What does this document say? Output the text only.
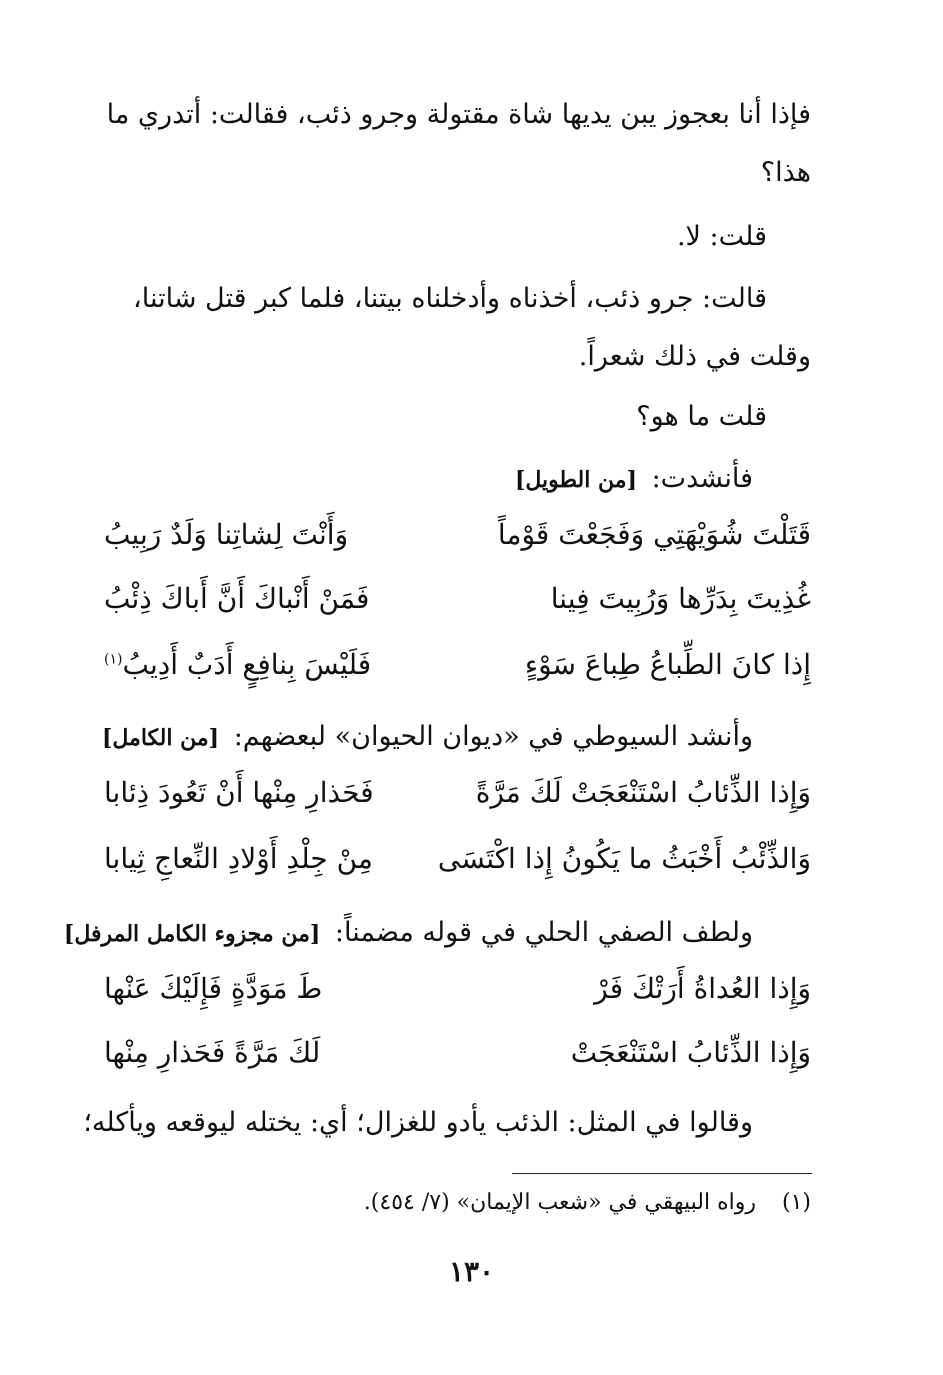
فإذا أنا بعجوز يبن يديها شاة مقتولة وجرو ذئب، فقالت: أتدري ما
هذا؟
قلت: لا.
قالت: جرو ذئب، أخذناه وأدخلناه بيتنا، فلما كبر قتل شاتنا،
وقلت في ذلك شعراً.
قلت ما هو؟
فأنشدت: [من الطويل]
قَتَلْتَ شُوَيْهَتِي وَفَجَعْتَ قَوْماً
وَأَنْتَ لِشاتِنا وَلَدٌ رَبِيبُ
غُذِيتَ بِدَرِّها وَرُبِيتَ فِينا
فَمَنْ أَنْباكَ أَنَّ أَباكَ ذِئْبُ
إِذا كانَ الطِّباعُ طِباعَ سَوْءٍ
فَلَيْسَ بِنافِعٍ أَدَبٌ أَدِيبُ$^{(١)}$
وأنشد السيوطي في «ديوان الحيوان» لبعضهم: [من الكامل]
وَإِذا الذِّئابُ اسْتَنْعَجَتْ لَكَ مَرَّةً
فَحَذارِ مِنْها أَنْ تَعُودَ ذِئابا
وَالذِّئْبُ أَخْبَثُ ما يَكُونُ إِذا اكْتَسَى
مِنْ جِلْدِ أَوْلادِ النِّعاجِ ثِيابا
ولطف الصفي الحلي في قوله مضمناً: [من مجزوء الكامل المرفل]
وَإِذا العُداةُ أَرَتْكَ فَرْ
طَ مَوَدَّةٍ فَإِلَيْكَ عَنْها
وَإِذا الذِّئابُ اسْتَنْعَجَتْ
لَكَ مَرَّةً فَحَذارِ مِنْها
وقالوا في المثل: الذئب يأدو للغزال؛ أي: يختله ليوقعه ويأكله؛
(١)رواه البيهقي في «شعب الإيمان» (٧/ ٤٥٤).
١٣٠
